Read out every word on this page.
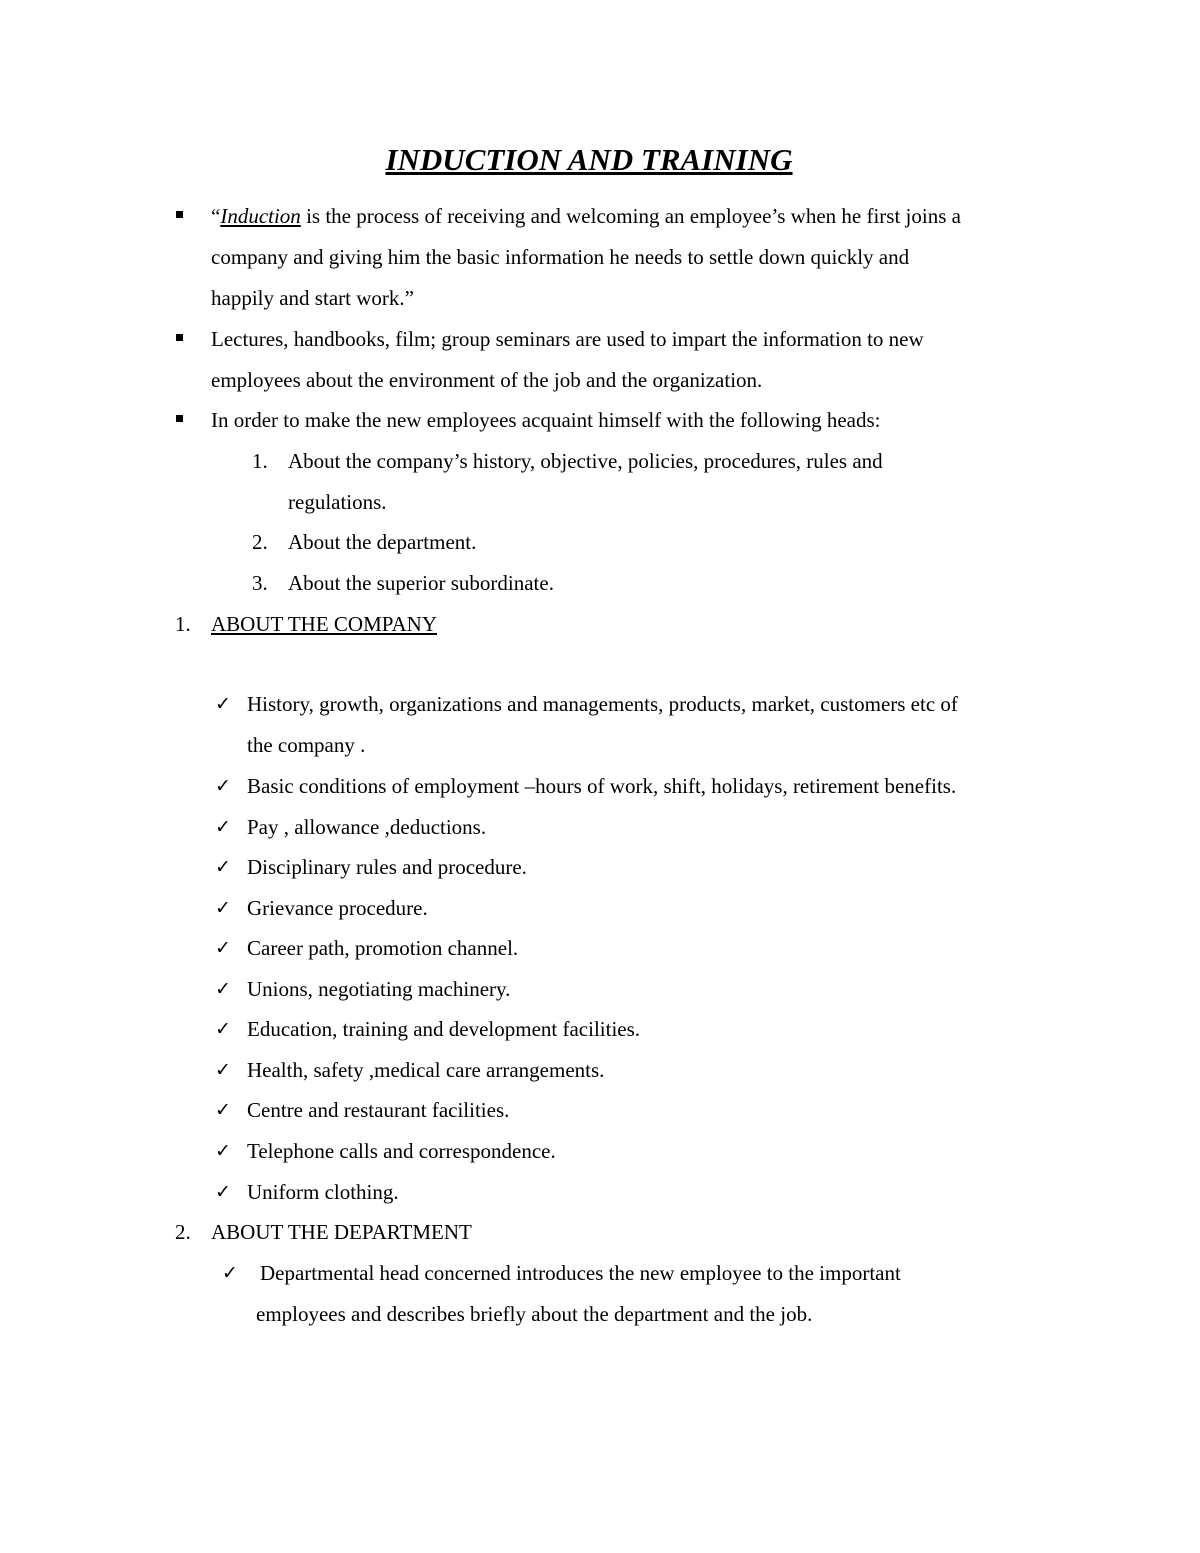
INDUCTION AND TRAINING

“Induction is the process of receiving and welcoming an employee’s when he first joins a
company and giving him the basic information he needs to settle down quickly and
happily and start work.”

Lectures, handbooks, film; group seminars are used to impart the information to new
employees about the environment of the job and the organization.

In order to make the new employees acquaint himself with the following heads:

1. About the company’s history, objective, policies, procedures, rules and
regulations.

2. About the department.

3. About the superior subordinate.

1. ABOUT THE COMPANY

✓ History, growth, organizations and managements, products, market, customers etc of
the company .

✓ Basic conditions of employment –hours of work, shift, holidays, retirement benefits.

✓ Pay , allowance ,deductions.

✓ Disciplinary rules and procedure.

✓ Grievance procedure.

✓ Career path, promotion channel.

✓ Unions, negotiating machinery.

✓ Education, training and development facilities.

✓ Health, safety ,medical care arrangements.

✓ Centre and restaurant facilities.

✓ Telephone calls and correspondence.

✓ Uniform clothing.

2. ABOUT THE DEPARTMENT

✓ Departmental head concerned introduces the new employee to the important
employees and describes briefly about the department and the job.
